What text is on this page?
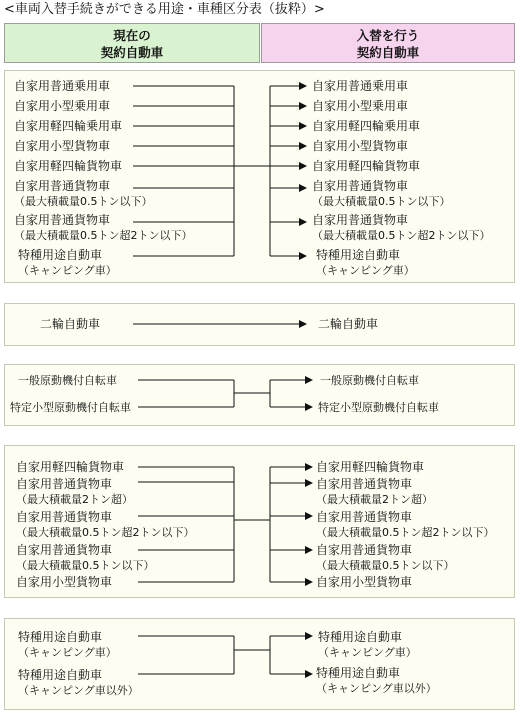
<車両入替手続きができる用途・車種区分表（抜粋）>
現在の
契約自動車
入替を行う
契約自動車
自家用普通乗用車
自家用小型乗用車
自家用軽四輪乗用車
自家用小型貨物車
自家用軽四輪貨物車
自家用普通貨物車
（最大積載量0.5トン以下）
自家用普通貨物車
（最大積載量0.5トン超2トン以下）
特種用途自動車
（キャンピング車）
自家用普通乗用車
自家用小型乗用車
自家用軽四輪乗用車
自家用小型貨物車
自家用軽四輪貨物車
自家用普通貨物車
（最大積載量0.5トン以下）
自家用普通貨物車
（最大積載量0.5トン超2トン以下）
特種用途自動車
（キャンピング車）
二輪自動車	二輪自動車
一般原動機付自転車
特定小型原動機付自転車
一般原動機付自転車
特定小型原動機付自転車
自家用軽四輪貨物車
自家用普通貨物車
（最大積載量2トン超）
自家用普通貨物車
（最大積載量0.5トン超2トン以下）
自家用普通貨物車
（最大積載量0.5トン以下）
自家用小型貨物車
自家用軽四輪貨物車
自家用普通貨物車
（最大積載量2トン超）
自家用普通貨物車
（最大積載量0.5トン超2トン以下）
自家用普通貨物車
（最大積載量0.5トン以下）
自家用小型貨物車
特種用途自動車
（キャンピング車）
特種用途自動車
（キャンピング車以外）
特種用途自動車
（キャンピング車）
特種用途自動車
（キャンピング車以外）
